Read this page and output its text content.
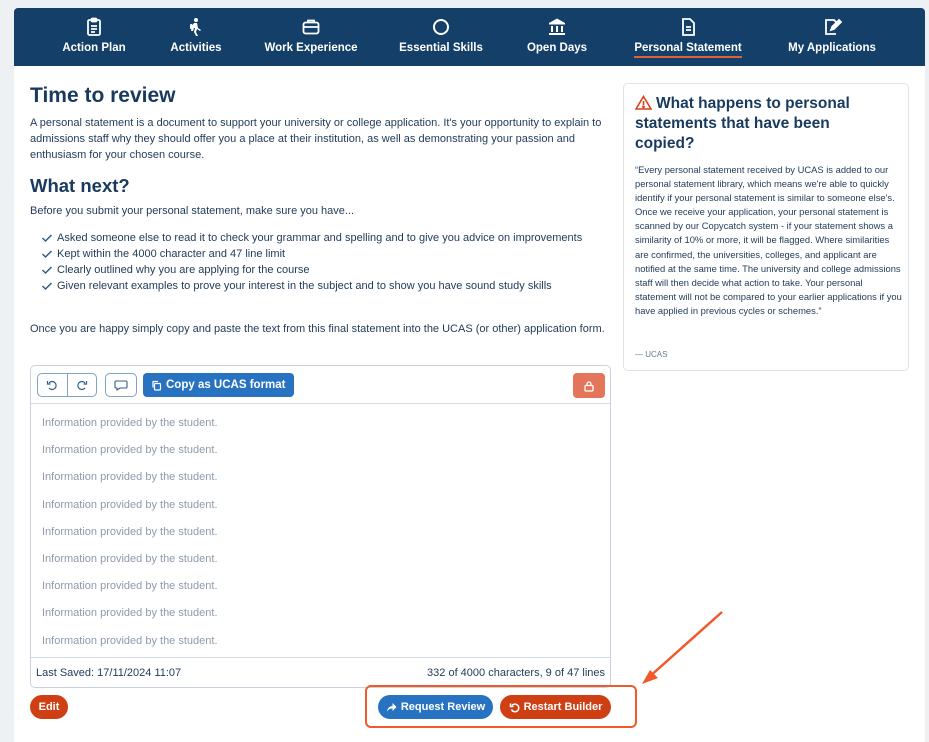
Action Plan	Activities	Work Experience	Essential Skills	Open Days	Personal Statement	My Applications
Time to review

A personal statement is a document to support your university or college application. It's your opportunity to explain to admissions staff why they should offer you a place at their institution, as well as demonstrating your passion and enthusiasm for your chosen course.

What next?

Before you submit your personal statement, make sure you have...

Asked someone else to read it to check your grammar and spelling and to give you advice on improvements
Kept within the 4000 character and 47 line limit
Clearly outlined why you are applying for the course
Given relevant examples to prove your interest in the subject and to show you have sound study skills

Once you are happy simply copy and paste the text from this final statement into the UCAS (or other) application form.

Copy as UCAS format
Information provided by the student.
Information provided by the student.
Information provided by the student.
Information provided by the student.
Information provided by the student.
Information provided by the student.
Information provided by the student.
Information provided by the student.
Information provided by the student.
Last Saved: 17/11/2024 11:07	332 of 4000 characters, 9 of 47 lines
Edit	Request Review	Restart Builder
What happens to personal statements that have been copied?

“Every personal statement received by UCAS is added to our personal statement library, which means we're able to quickly identify if your personal statement is similar to someone else's. Once we receive your application, your personal statement is scanned by our Copycatch system - if your statement shows a similarity of 10% or more, it will be flagged. Where similarities are confirmed, the universities, colleges, and applicant are notified at the same time. The university and college admissions staff will then decide what action to take. Your personal statement will not be compared to your earlier applications if you have applied in previous cycles or schemes.”

— UCAS
